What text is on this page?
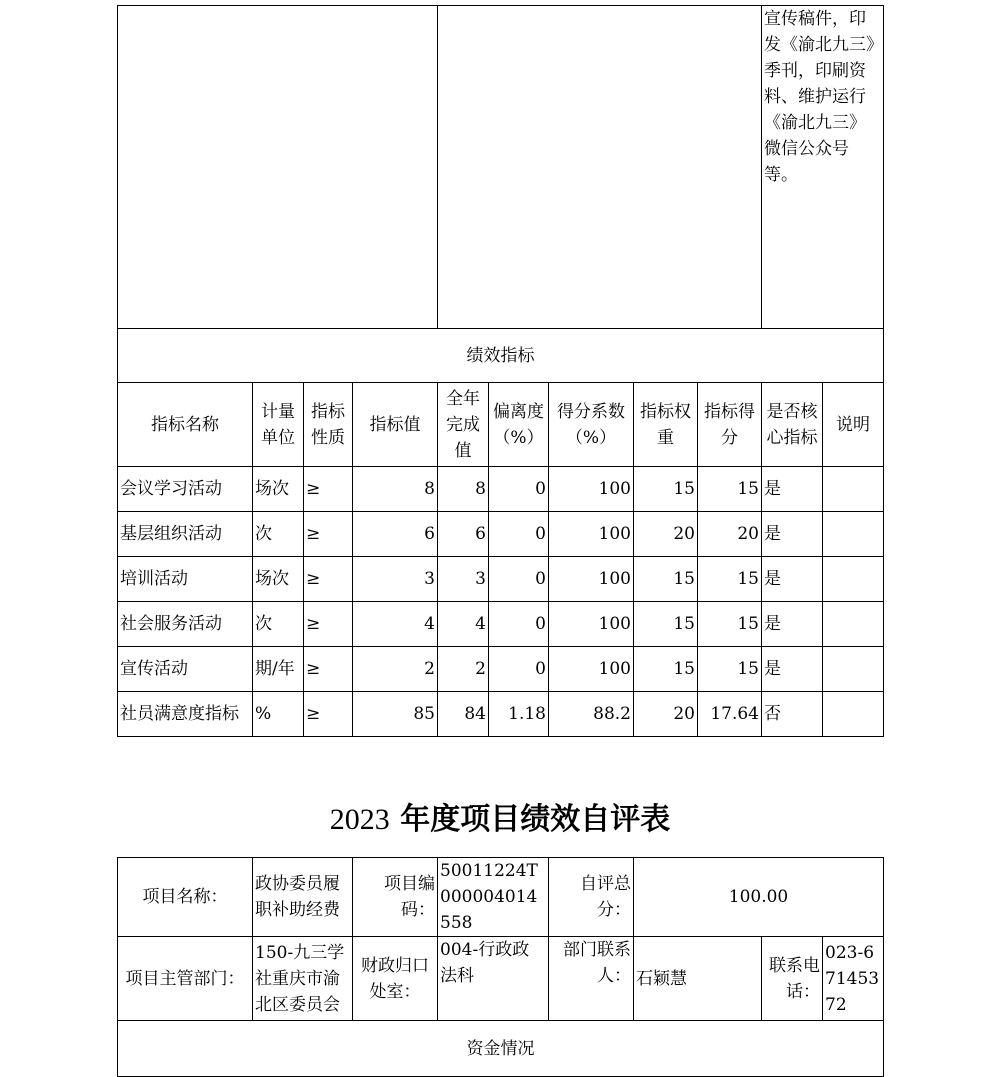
									宣传稿件，印发《渝北九三》季刊，印刷资料、维护运行《渝北九三》微信公众号等。	
绩效指标										
指标名称	计量单位	指标性质	指标值	全年完成值	偏离度（%）	得分系数（%）	指标权重	指标得分	是否核心指标	说明
会议学习活动	场次	≥	8	8	0	100	15	15	是	
基层组织活动	次	≥	6	6	0	100	20	20	是	
培训活动	场次	≥	3	3	0	100	15	15	是	
社会服务活动	次	≥	4	4	0	100	15	15	是	
宣传活动	期/年	≥	2	2	0	100	15	15	是	
社员满意度指标	%	≥	85	84	1.18	88.2	20	17.64	否	
2023 年度项目绩效自评表
项目名称：	政协委员履职补助经费	项目编码：	50011224T000004014558	自评总分：	100.00		
项目主管部门：	150-九三学社重庆市渝北区委员会	财政归口处室：	004-行政政法科	部门联系人：	石颖慧	联系电话：	023-67145372
资金情况							
